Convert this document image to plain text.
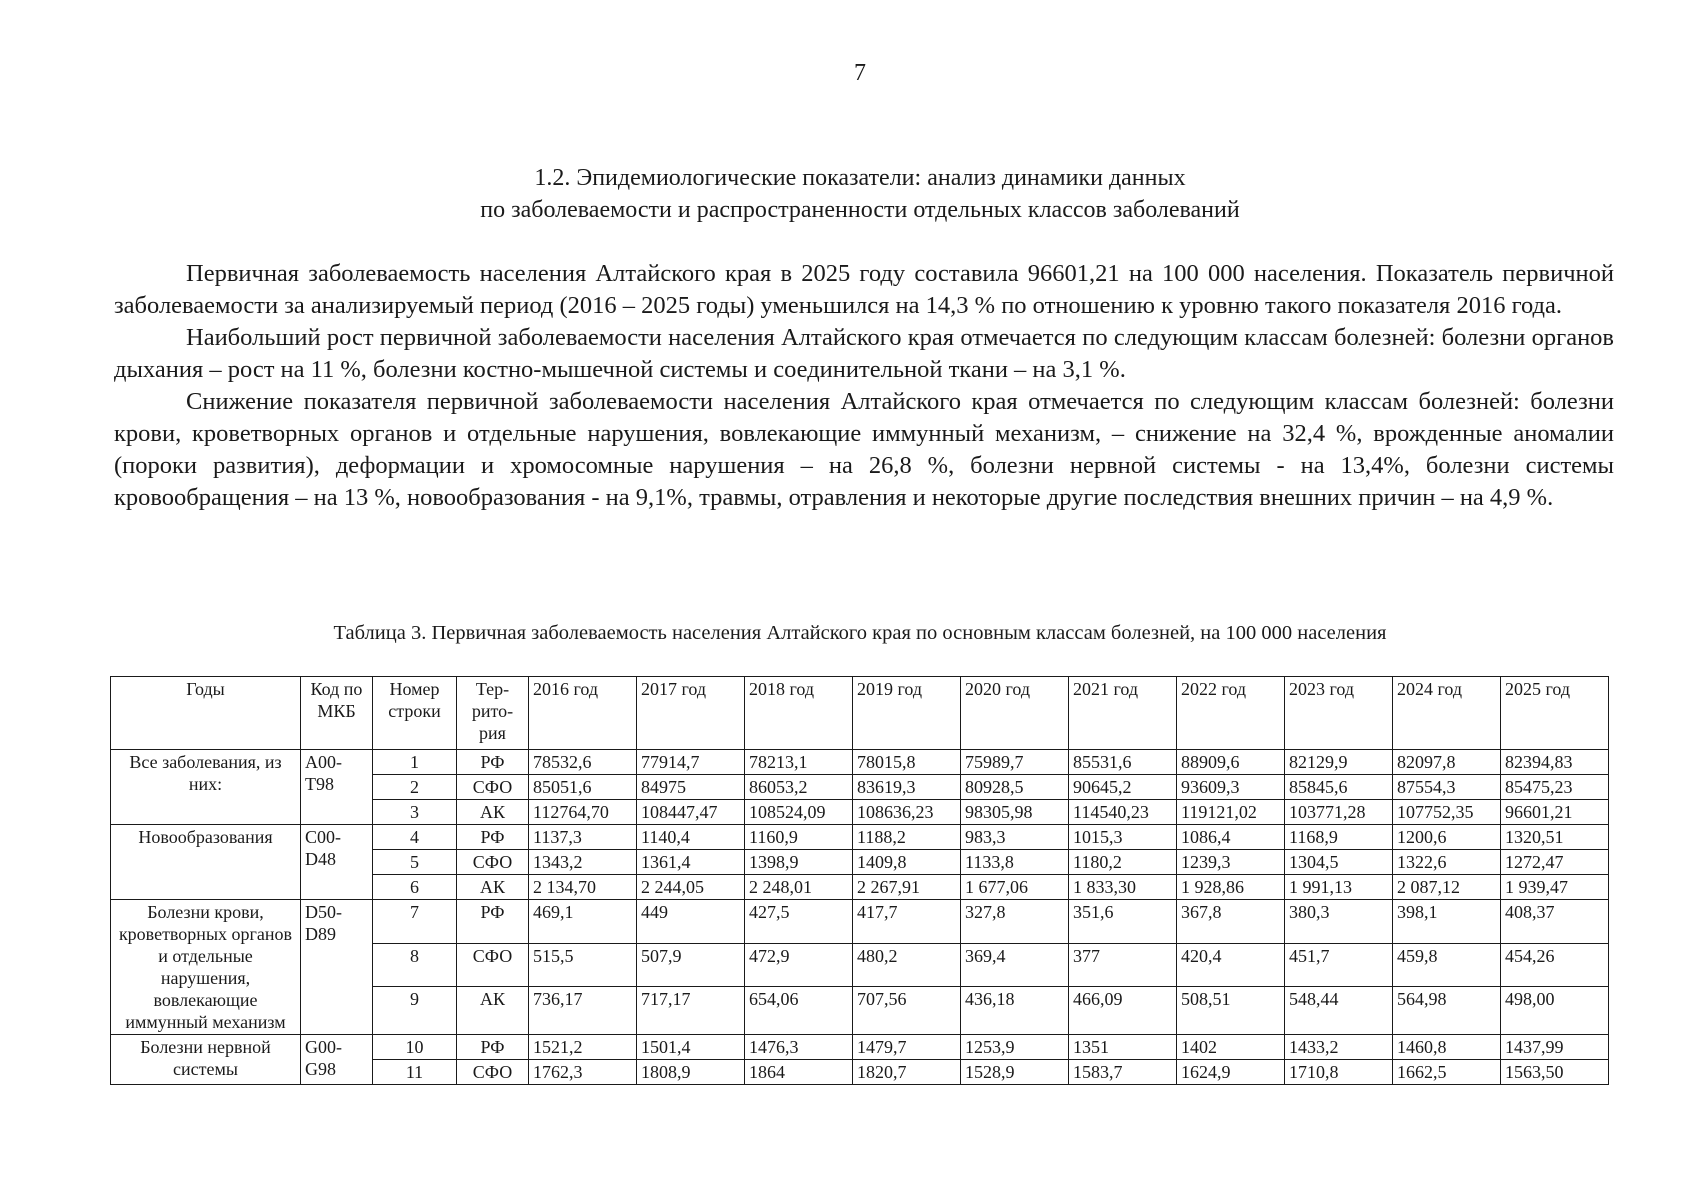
7
1.2. Эпидемиологические показатели: анализ динамики данных
по заболеваемости и распространенности отдельных классов заболеваний

Первичная заболеваемость населения Алтайского края в 2025 году составила 96601,21 на 100 000 населения. Показатель первичной заболеваемости за анализируемый период (2016 – 2025 годы) уменьшился на 14,3 % по отношению к уровню такого показателя 2016 года.

Наибольший рост первичной заболеваемости населения Алтайского края отмечается по следующим классам болезней: болезни органов дыхания – рост на 11 %, болезни костно-мышечной системы и соединительной ткани – на 3,1 %.

Снижение показателя первичной заболеваемости населения Алтайского края отмечается по следующим классам болезней: болезни крови, кроветворных органов и отдельные нарушения, вовлекающие иммунный механизм, – снижение на 32,4 %, врожденные аномалии (пороки развития), деформации и хромосомные нарушения – на 26,8 %, болезни нервной системы - на 13,4%, болезни системы кровообращения – на 13 %, новообразования - на 9,1%, травмы, отравления и некоторые другие последствия внешних причин – на 4,9 %.

Таблица 3. Первичная заболеваемость населения Алтайского края по основным классам болезней, на 100 000 населения
Годы	Код по МКБ	Номер строки	Тер-рито-рия	2016 год	2017 год	2018 год	2019 год	2020 год	2021 год	2022 год	2023 год	2024 год	2025 год
Все заболевания, из них:	A00-T98	1	РФ	78532,6	77914,7	78213,1	78015,8	75989,7	85531,6	88909,6	82129,9	82097,8	82394,83
		2	СФО	85051,6	84975	86053,2	83619,3	80928,5	90645,2	93609,3	85845,6	87554,3	85475,23
		3	АК	112764,70	108447,47	108524,09	108636,23	98305,98	114540,23	119121,02	103771,28	107752,35	96601,21
Новообразования	C00-D48	4	РФ	1137,3	1140,4	1160,9	1188,2	983,3	1015,3	1086,4	1168,9	1200,6	1320,51
		5	СФО	1343,2	1361,4	1398,9	1409,8	1133,8	1180,2	1239,3	1304,5	1322,6	1272,47
		6	АК	2 134,70	2 244,05	2 248,01	2 267,91	1 677,06	1 833,30	1 928,86	1 991,13	2 087,12	1 939,47
Болезни крови, кроветворных органов и отдельные нарушения, вовлекающие иммунный механизм	D50-D89	7	РФ	469,1	449	427,5	417,7	327,8	351,6	367,8	380,3	398,1	408,37
		8	СФО	515,5	507,9	472,9	480,2	369,4	377	420,4	451,7	459,8	454,26
		9	АК	736,17	717,17	654,06	707,56	436,18	466,09	508,51	548,44	564,98	498,00
Болезни нервной системы	G00-G98	10	РФ	1521,2	1501,4	1476,3	1479,7	1253,9	1351	1402	1433,2	1460,8	1437,99
		11	СФО	1762,3	1808,9	1864	1820,7	1528,9	1583,7	1624,9	1710,8	1662,5	1563,50
